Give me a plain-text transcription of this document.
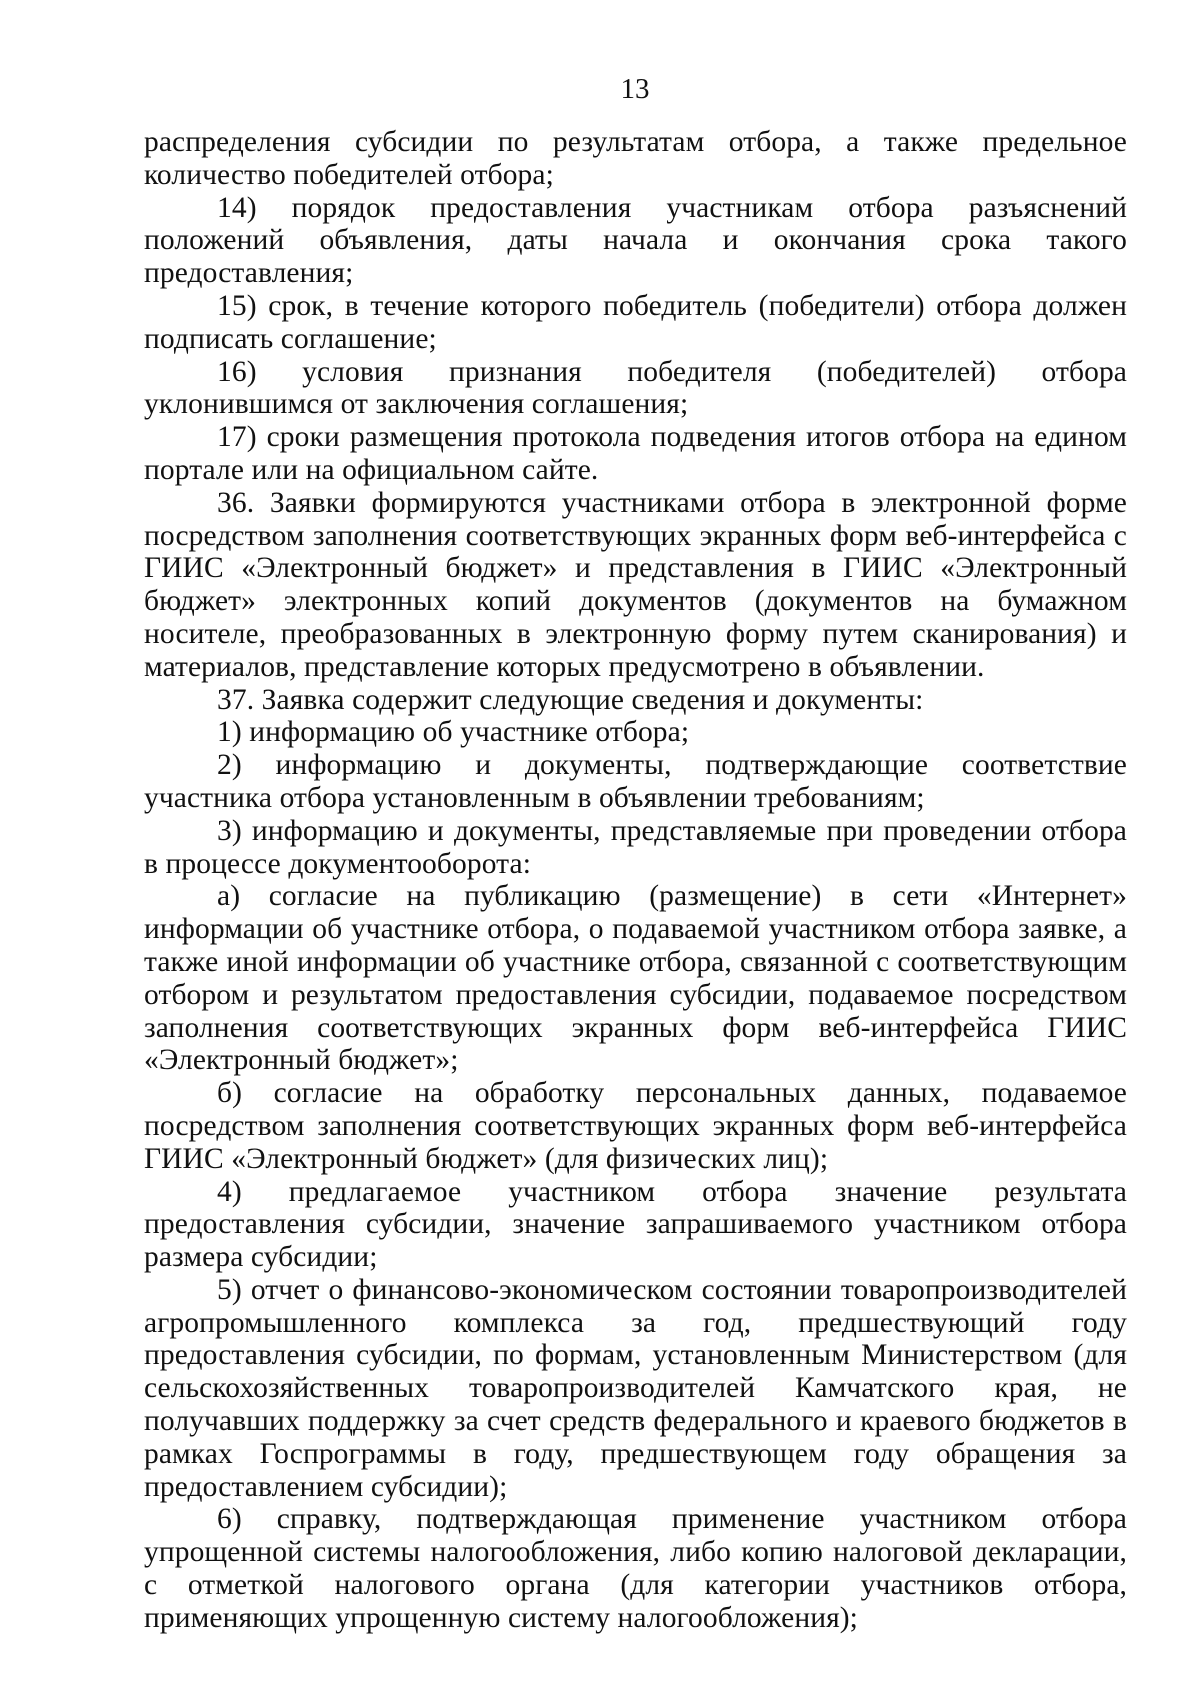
13

распределения субсидии по результатам отбора, а также предельное количество победителей отбора;

14) порядок предоставления участникам отбора разъяснений положений объявления, даты начала и окончания срока такого предоставления;

15) срок, в течение которого победитель (победители) отбора должен подписать соглашение;

16) условия признания победителя (победителей) отбора уклонившимся от заключения соглашения;

17) сроки размещения протокола подведения итогов отбора на едином портале или на официальном сайте.

36. Заявки формируются участниками отбора в электронной форме посредством заполнения соответствующих экранных форм веб-интерфейса с ГИИС «Электронный бюджет» и представления в ГИИС «Электронный бюджет» электронных копий документов (документов на бумажном носителе, преобразованных в электронную форму путем сканирования) и материалов, представление которых предусмотрено в объявлении.

37. Заявка содержит следующие сведения и документы:

1) информацию об участнике отбора;

2) информацию и документы, подтверждающие соответствие участника отбора установленным в объявлении требованиям;

3) информацию и документы, представляемые при проведении отбора в процессе документооборота:

а) согласие на публикацию (размещение) в сети «Интернет» информации об участнике отбора, о подаваемой участником отбора заявке, а также иной информации об участнике отбора, связанной с соответствующим отбором и результатом предоставления субсидии, подаваемое посредством заполнения соответствующих экранных форм веб-интерфейса ГИИС «Электронный бюджет»;

б) согласие на обработку персональных данных, подаваемое посредством заполнения соответствующих экранных форм веб-интерфейса ГИИС «Электронный бюджет» (для физических лиц);

4) предлагаемое участником отбора значение результата предоставления субсидии, значение запрашиваемого участником отбора размера субсидии;

5) отчет о финансово-экономическом состоянии товаропроизводителей агропромышленного комплекса за год, предшествующий году предоставления субсидии, по формам, установленным Министерством (для сельскохозяйственных товаропроизводителей Камчатского края, не получавших поддержку за счет средств федерального и краевого бюджетов в рамках Госпрограммы в году, предшествующем году обращения за предоставлением субсидии);

6) справку, подтверждающая применение участником отбора упрощенной системы налогообложения, либо копию налоговой декларации, с отметкой налогового органа (для категории участников отбора, применяющих упрощенную систему налогообложения);
